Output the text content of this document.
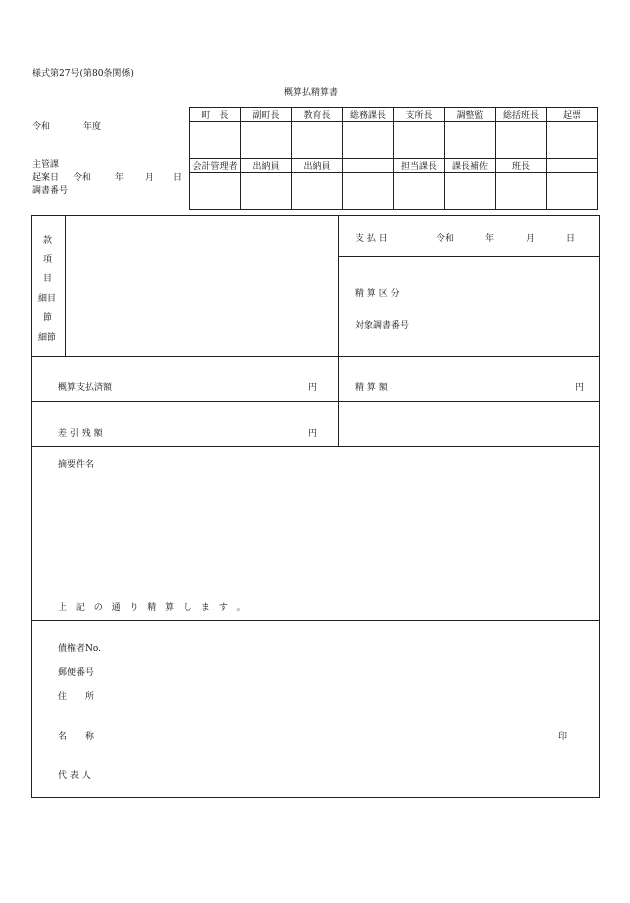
様式第27号(第80条関係)
概算払精算書
令和	年度
主管課
起案日 令和	年 月 日
調書番号
町　長	副町長	教育長	総務課長	支所長	調整監	総括班長	起票

会計管理者	出納員	出納員		担当課長	課長補佐	班長	

款
項
目
細目
節
細節
支 払 日	令和	年	月	日
精 算 区 分
対象調書番号
概算支払済額	円	精 算 額	円
差 引 残 額	円
摘要件名
上 記 の 通 り 精 算 し ま す 。
債権者No.
郵便番号
住　　所
名　　称	印
代 表 人
